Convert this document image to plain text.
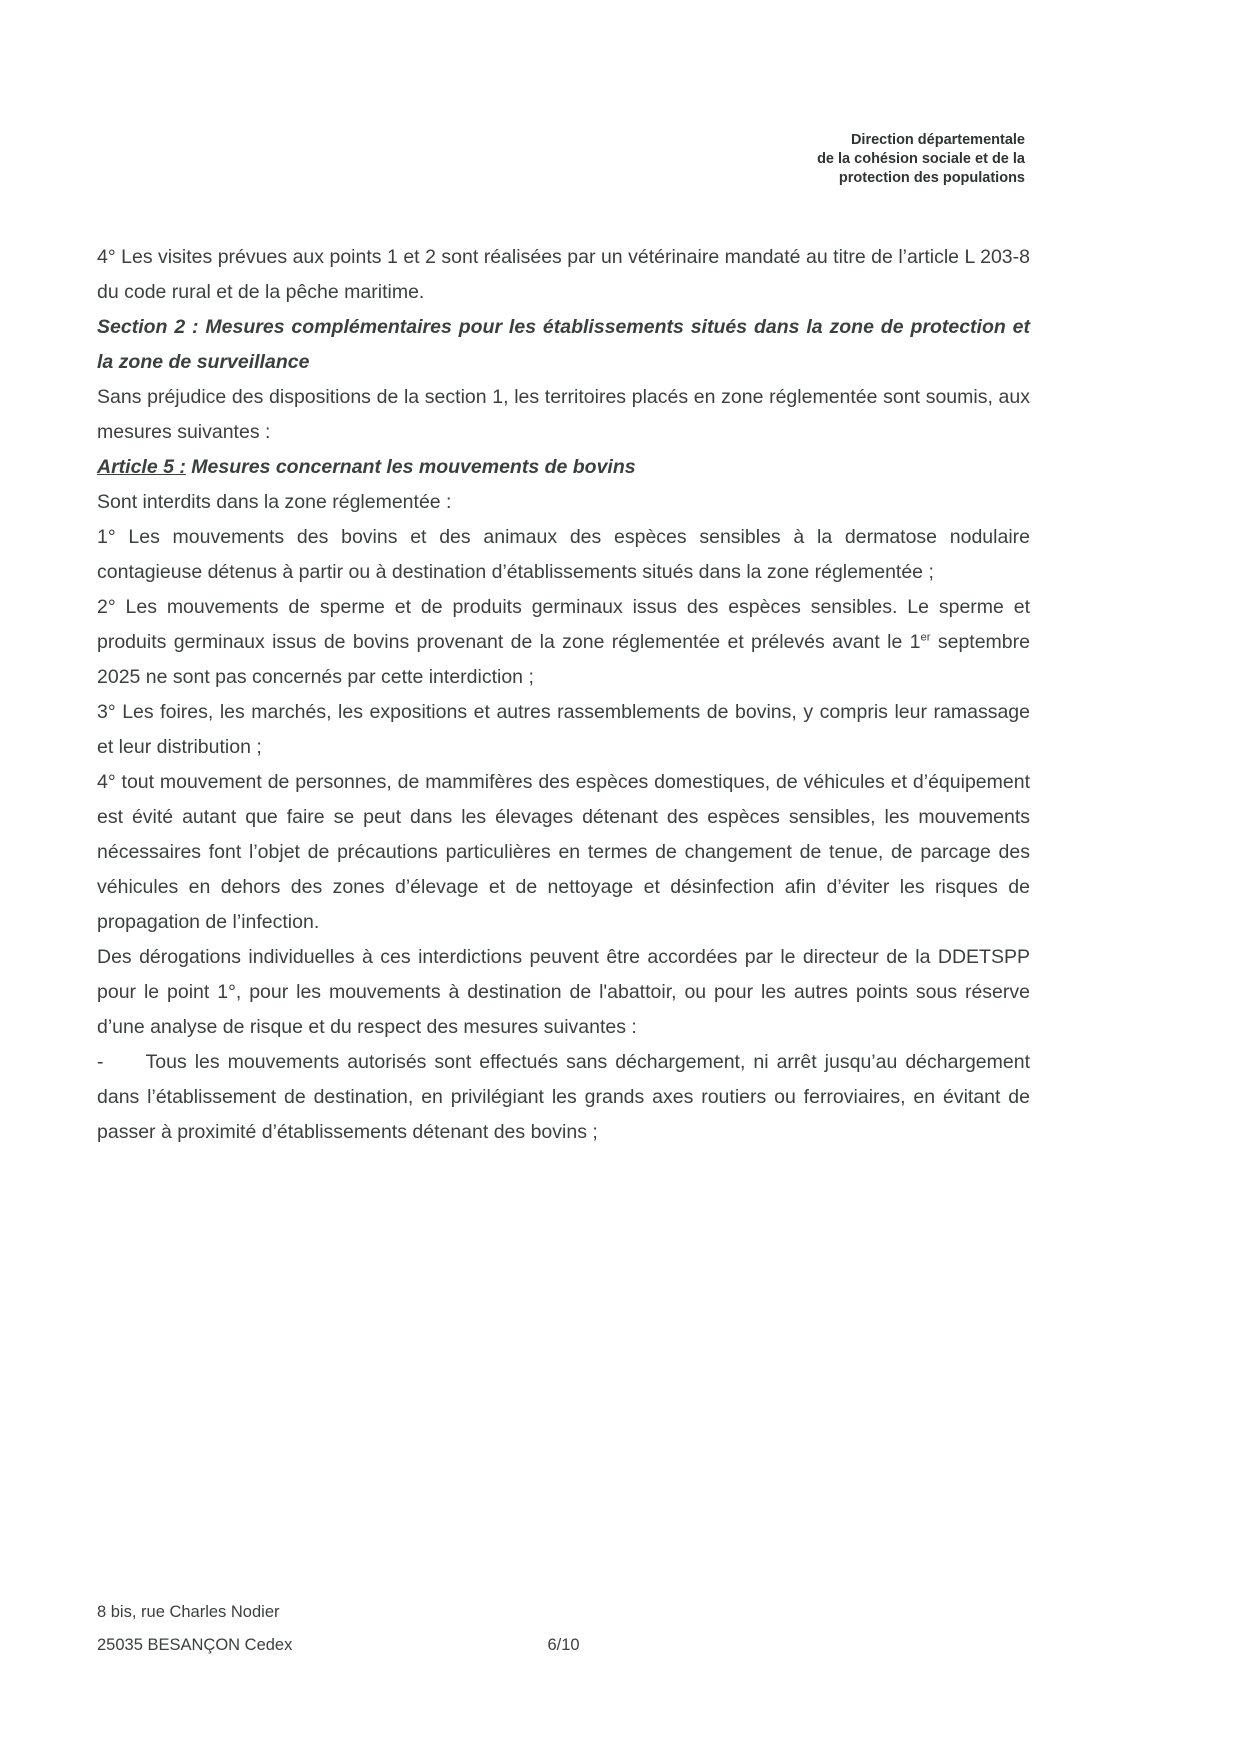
Direction départementale
de la cohésion sociale et de la
protection des populations

4° Les visites prévues aux points 1 et 2 sont réalisées par un vétérinaire mandaté au titre de l’article L 203-8 du code rural et de la pêche maritime.

Section 2 : Mesures complémentaires pour les établissements situés dans la zone de protection et la zone de surveillance

Sans préjudice des dispositions de la section 1, les territoires placés en zone réglementée sont soumis, aux mesures suivantes :

Article 5 : Mesures concernant les mouvements de bovins

Sont interdits dans la zone réglementée :

1° Les mouvements des bovins et des animaux des espèces sensibles à la dermatose nodulaire contagieuse détenus à partir ou à destination d’établissements situés dans la zone réglementée ;

2° Les mouvements de sperme et de produits germinaux issus des espèces sensibles. Le sperme et produits germinaux issus de bovins provenant de la zone réglementée et prélevés avant le 1er septembre 2025 ne sont pas concernés par cette interdiction ;

3° Les foires, les marchés, les expositions et autres rassemblements de bovins, y compris leur ramassage et leur distribution ;

4° tout mouvement de personnes, de mammifères des espèces domestiques, de véhicules et d’équipement est évité autant que faire se peut dans les élevages détenant des espèces sensibles, les mouvements nécessaires font l’objet de précautions particulières en termes de changement de tenue, de parcage des véhicules en dehors des zones d’élevage et de nettoyage et désinfection afin d’éviter les risques de propagation de l’infection.

Des dérogations individuelles à ces interdictions peuvent être accordées par le directeur de la DDETSPP pour le point 1°, pour les mouvements à destination de l'abattoir, ou pour les autres points sous réserve d’une analyse de risque et du respect des mesures suivantes :

- Tous les mouvements autorisés sont effectués sans déchargement, ni arrêt jusqu’au déchargement dans l’établissement de destination, en privilégiant les grands axes routiers ou ferroviaires, en évitant de passer à proximité d’établissements détenant des bovins ;

8 bis, rue Charles Nodier
25035 BESANÇON Cedex	6/10
